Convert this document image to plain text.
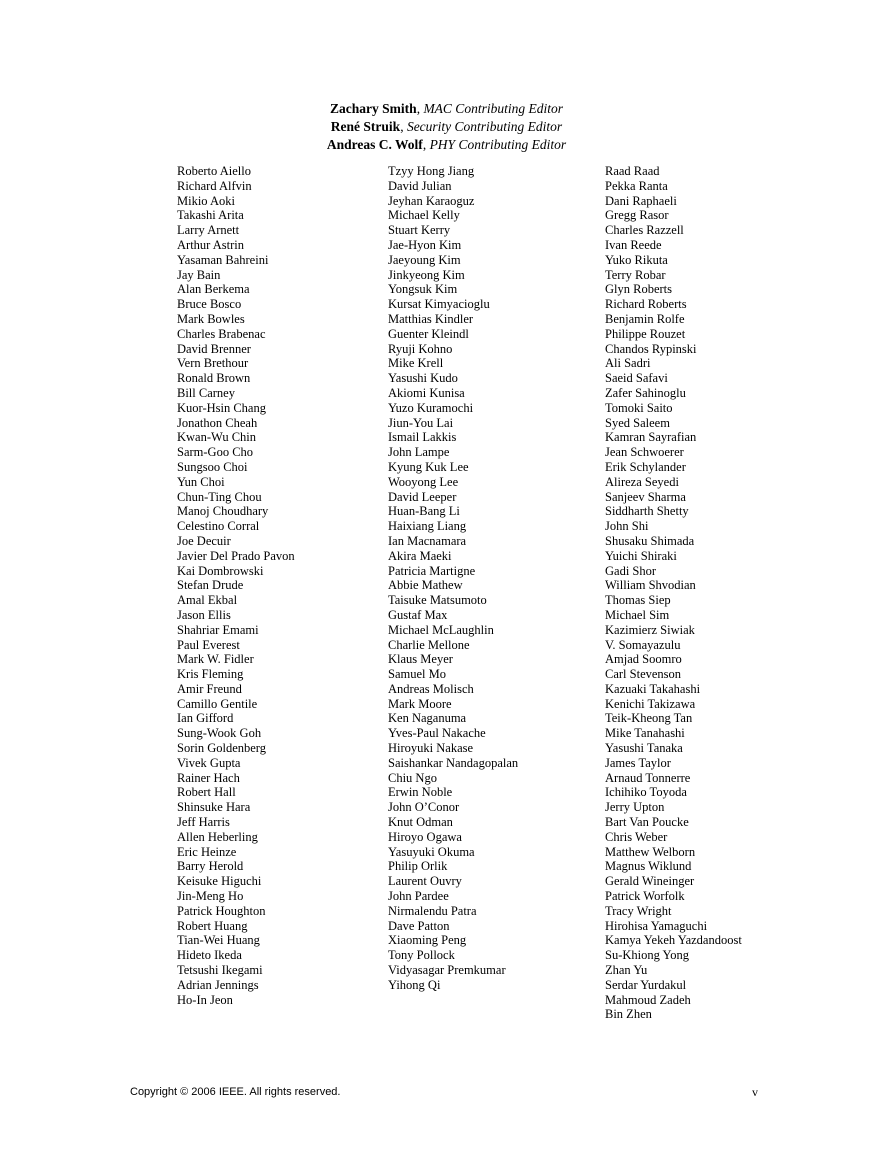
Zachary Smith, MAC Contributing Editor
René Struik, Security Contributing Editor
Andreas C. Wolf, PHY Contributing Editor
Roberto Aiello
Richard Alfvin
Mikio Aoki
Takashi Arita
Larry Arnett
Arthur Astrin
Yasaman Bahreini
Jay Bain
Alan Berkema
Bruce Bosco
Mark Bowles
Charles Brabenac
David Brenner
Vern Brethour
Ronald Brown
Bill Carney
Kuor-Hsin Chang
Jonathon Cheah
Kwan-Wu Chin
Sarm-Goo Cho
Sungsoo Choi
Yun Choi
Chun-Ting Chou
Manoj Choudhary
Celestino Corral
Joe Decuir
Javier Del Prado Pavon
Kai Dombrowski
Stefan Drude
Amal Ekbal
Jason Ellis
Shahriar Emami
Paul Everest
Mark W. Fidler
Kris Fleming
Amir Freund
Camillo Gentile
Ian Gifford
Sung-Wook Goh
Sorin Goldenberg
Vivek Gupta
Rainer Hach
Robert Hall
Shinsuke Hara
Jeff Harris
Allen Heberling
Eric Heinze
Barry Herold
Keisuke Higuchi
Jin-Meng Ho
Patrick Houghton
Robert Huang
Tian-Wei Huang
Hideto Ikeda
Tetsushi Ikegami
Adrian Jennings
Ho-In Jeon
Tzyy Hong Jiang
David Julian
Jeyhan Karaoguz
Michael Kelly
Stuart Kerry
Jae-Hyon Kim
Jaeyoung Kim
Jinkyeong Kim
Yongsuk Kim
Kursat Kimyacioglu
Matthias Kindler
Guenter Kleindl
Ryuji Kohno
Mike Krell
Yasushi Kudo
Akiomi Kunisa
Yuzo Kuramochi
Jiun-You Lai
Ismail Lakkis
John Lampe
Kyung Kuk Lee
Wooyong Lee
David Leeper
Huan-Bang Li
Haixiang Liang
Ian Macnamara
Akira Maeki
Patricia Martigne
Abbie Mathew
Taisuke Matsumoto
Gustaf Max
Michael McLaughlin
Charlie Mellone
Klaus Meyer
Samuel Mo
Andreas Molisch
Mark Moore
Ken Naganuma
Yves-Paul Nakache
Hiroyuki Nakase
Saishankar Nandagopalan
Chiu Ngo
Erwin Noble
John O’Conor
Knut Odman
Hiroyo Ogawa
Yasuyuki Okuma
Philip Orlik
Laurent Ouvry
John Pardee
Nirmalendu Patra
Dave Patton
Xiaoming Peng
Tony Pollock
Vidyasagar Premkumar
Yihong Qi
Raad Raad
Pekka Ranta
Dani Raphaeli
Gregg Rasor
Charles Razzell
Ivan Reede
Yuko Rikuta
Terry Robar
Glyn Roberts
Richard Roberts
Benjamin Rolfe
Philippe Rouzet
Chandos Rypinski
Ali Sadri
Saeid Safavi
Zafer Sahinoglu
Tomoki Saito
Syed Saleem
Kamran Sayrafian
Jean Schwoerer
Erik Schylander
Alireza Seyedi
Sanjeev Sharma
Siddharth Shetty
John Shi
Shusaku Shimada
Yuichi Shiraki
Gadi Shor
William Shvodian
Thomas Siep
Michael Sim
Kazimierz Siwiak
V. Somayazulu
Amjad Soomro
Carl Stevenson
Kazuaki Takahashi
Kenichi Takizawa
Teik-Kheong Tan
Mike Tanahashi
Yasushi Tanaka
James Taylor
Arnaud Tonnerre
Ichihiko Toyoda
Jerry Upton
Bart Van Poucke
Chris Weber
Matthew Welborn
Magnus Wiklund
Gerald Wineinger
Patrick Worfolk
Tracy Wright
Hirohisa Yamaguchi
Kamya Yekeh Yazdandoost
Su-Khiong Yong
Zhan Yu
Serdar Yurdakul
Mahmoud Zadeh
Bin Zhen
Copyright © 2006 IEEE. All rights reserved.	v
